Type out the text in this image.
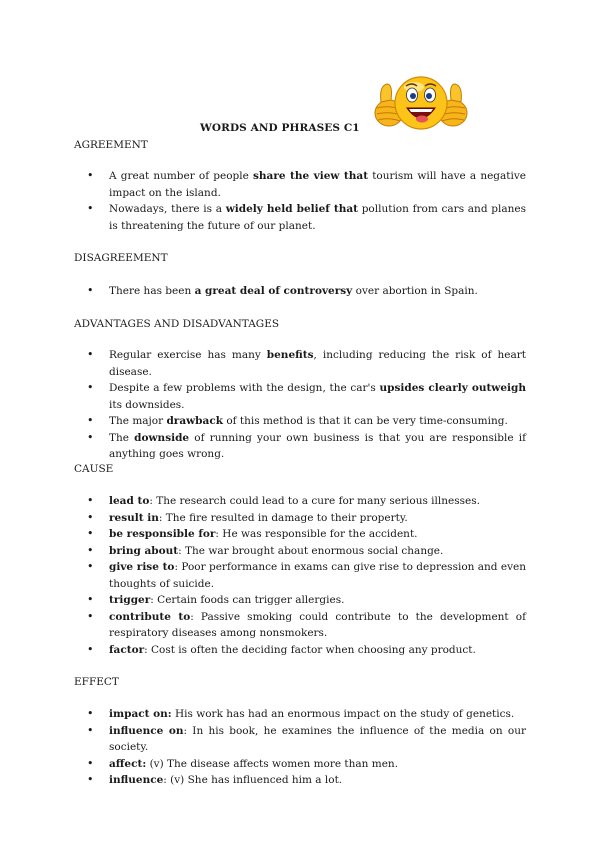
WORDS AND PHRASES C1
AGREEMENT
• A great number of people share the view that tourism will have a negative impact on the island.
• Nowadays, there is a widely held belief that pollution from cars and planes is threatening the future of our planet.
DISAGREEMENT
• There has been a great deal of controversy over abortion in Spain.
ADVANTAGES AND DISADVANTAGES
• Regular exercise has many benefits, including reducing the risk of heart disease.
• Despite a few problems with the design, the car's upsides clearly outweigh its downsides.
• The major drawback of this method is that it can be very time-consuming.
• The downside of running your own business is that you are responsible if anything goes wrong.
CAUSE
• lead to: The research could lead to a cure for many serious illnesses.
• result in: The fire resulted in damage to their property.
• be responsible for: He was responsible for the accident.
• bring about: The war brought about enormous social change.
• give rise to: Poor performance in exams can give rise to depression and even thoughts of suicide.
• trigger: Certain foods can trigger allergies.
• contribute to: Passive smoking could contribute to the development of respiratory diseases among nonsmokers.
• factor: Cost is often the deciding factor when choosing any product.
EFFECT
• impact on: His work has had an enormous impact on the study of genetics.
• influence on: In his book, he examines the influence of the media on our society.
• affect: (v) The disease affects women more than men.
• influence: (v) She has influenced him a lot.
